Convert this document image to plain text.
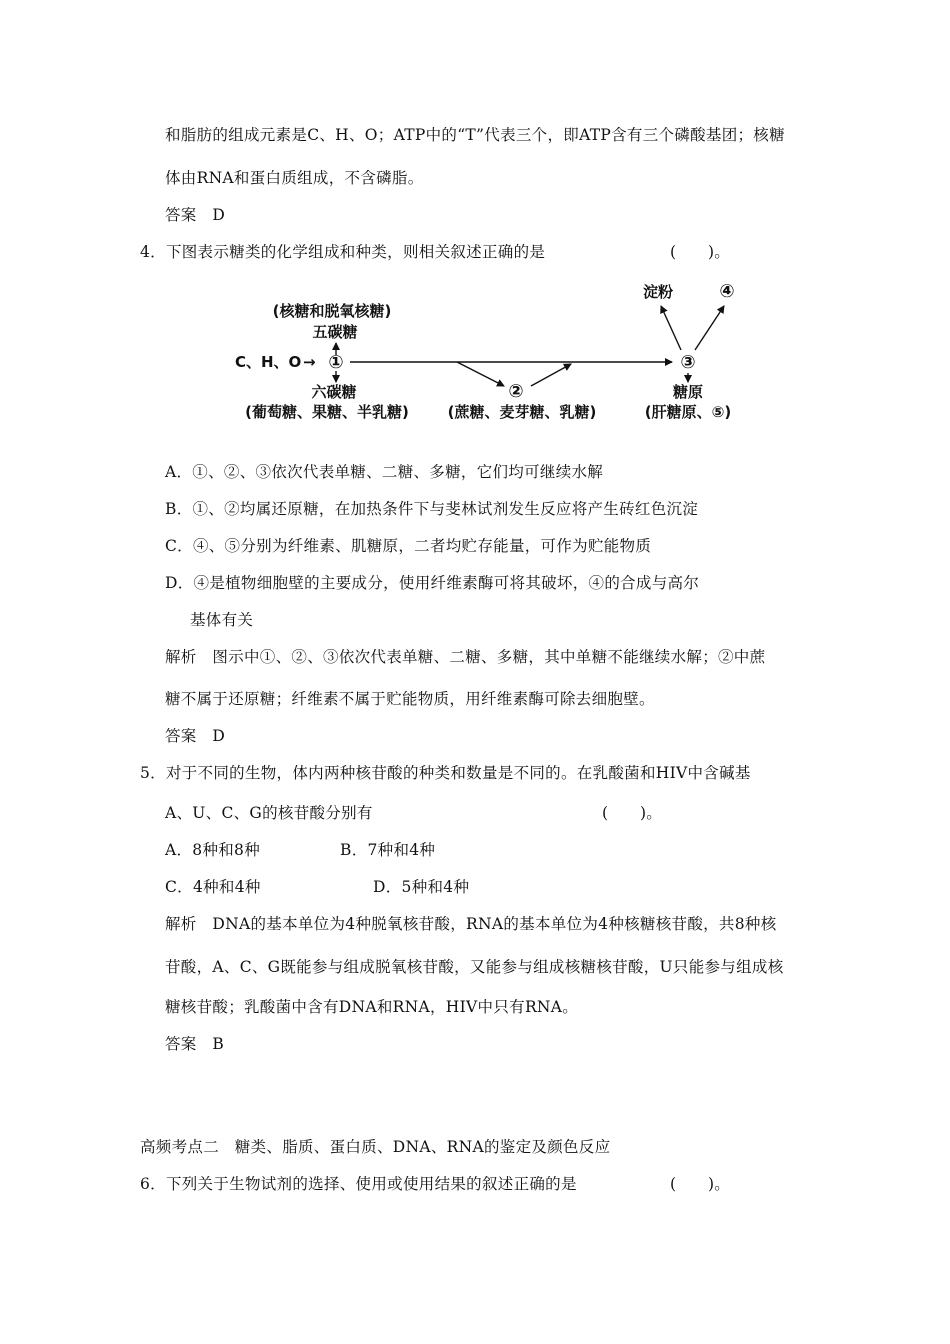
和脂肪的组成元素是C、H、O；ATP中的“T”代表三个，即ATP含有三个磷酸基团；核糖
体由RNA和蛋白质组成，不含磷脂。
答案　D
4．下图表示糖类的化学组成和种类，则相关叙述正确的是	(　　)。
(核糖和脱氧核糖)
五碳糖
C、H、O → ①
六碳糖
(葡萄糖、果糖、半乳糖)
②
(蔗糖、麦芽糖、乳糖)
③
淀粉	④
糖原
(肝糖原、⑤)
A．①、②、③依次代表单糖、二糖、多糖，它们均可继续水解
B．①、②均属还原糖，在加热条件下与斐林试剂发生反应将产生砖红色沉淀
C．④、⑤分别为纤维素、肌糖原，二者均贮存能量，可作为贮能物质
D．④是植物细胞壁的主要成分，使用纤维素酶可将其破坏，④的合成与高尔
基体有关
解析　图示中①、②、③依次代表单糖、二糖、多糖，其中单糖不能继续水解；②中蔗
糖不属于还原糖；纤维素不属于贮能物质，用纤维素酶可除去细胞壁。
答案　D
5．对于不同的生物，体内两种核苷酸的种类和数量是不同的。在乳酸菌和HIV中含碱基
A、U、C、G的核苷酸分别有	(　　)。
A．8种和8种	B．7种和4种
C．4种和4种	D．5种和4种
解析　DNA的基本单位为4种脱氧核苷酸，RNA的基本单位为4种核糖核苷酸，共8种核
苷酸，A、C、G既能参与组成脱氧核苷酸，又能参与组成核糖核苷酸，U只能参与组成核
糖核苷酸；乳酸菌中含有DNA和RNA，HIV中只有RNA。
答案　B
高频考点二　糖类、脂质、蛋白质、DNA、RNA的鉴定及颜色反应
6．下列关于生物试剂的选择、使用或使用结果的叙述正确的是	(　　)。
